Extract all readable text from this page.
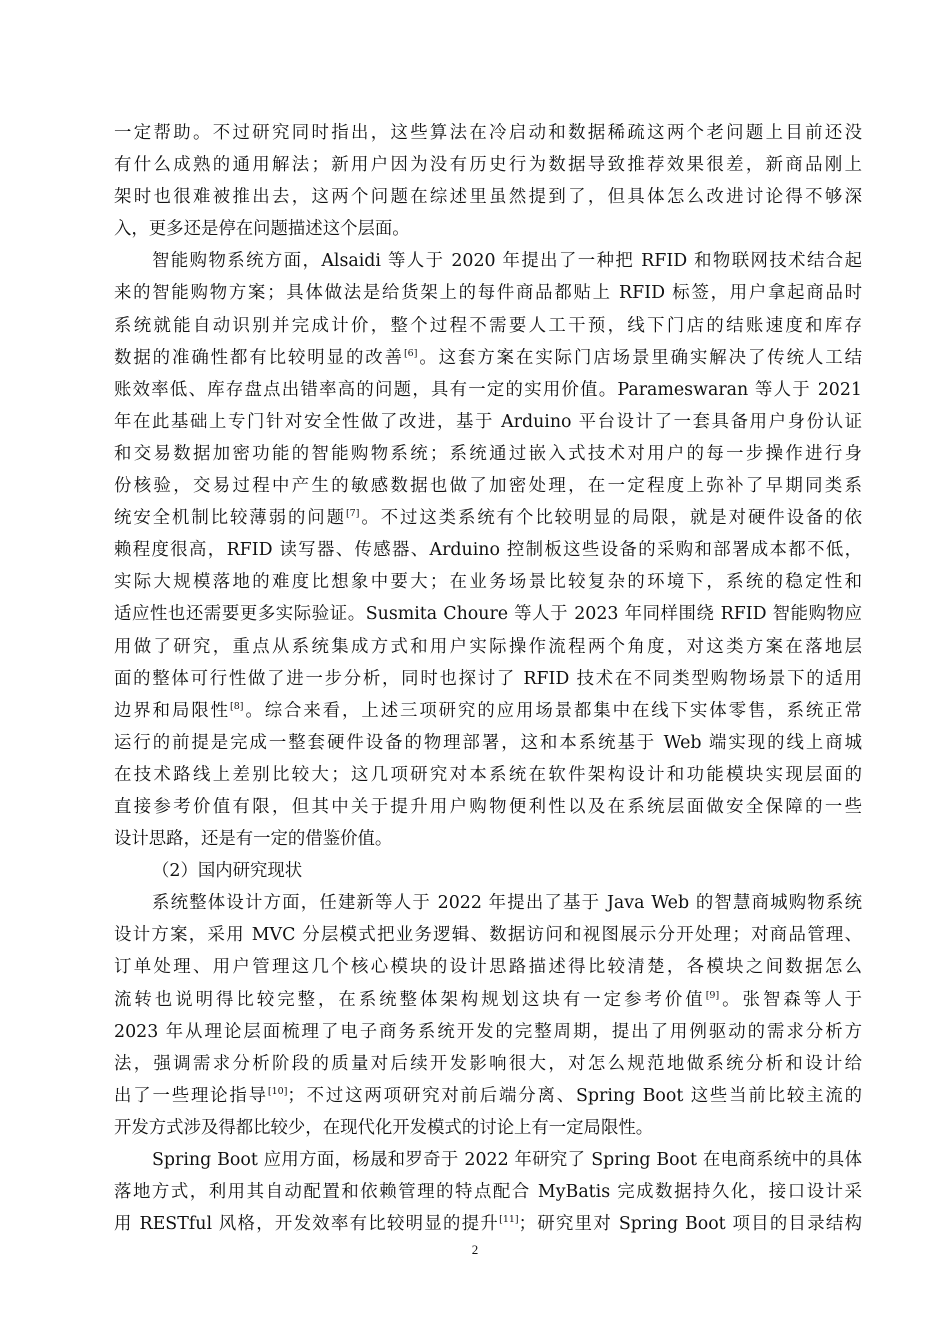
一定帮助。不过研究同时指出，这些算法在冷启动和数据稀疏这两个老问题上目前还没
有什么成熟的通用解法；新用户因为没有历史行为数据导致推荐效果很差，新商品刚上
架时也很难被推出去，这两个问题在综述里虽然提到了，但具体怎么改进讨论得不够深
入，更多还是停在问题描述这个层面。
智能购物系统方面，Alsaidi 等人于 2020 年提出了一种把 RFID 和物联网技术结合起
来的智能购物方案；具体做法是给货架上的每件商品都贴上 RFID 标签，用户拿起商品时
系统就能自动识别并完成计价，整个过程不需要人工干预，线下门店的结账速度和库存
数据的准确性都有比较明显的改善[6]。这套方案在实际门店场景里确实解决了传统人工结
账效率低、库存盘点出错率高的问题，具有一定的实用价值。Parameswaran 等人于 2021
年在此基础上专门针对安全性做了改进，基于 Arduino 平台设计了一套具备用户身份认证
和交易数据加密功能的智能购物系统；系统通过嵌入式技术对用户的每一步操作进行身
份核验，交易过程中产生的敏感数据也做了加密处理，在一定程度上弥补了早期同类系
统安全机制比较薄弱的问题[7]。不过这类系统有个比较明显的局限，就是对硬件设备的依
赖程度很高，RFID 读写器、传感器、Arduino 控制板这些设备的采购和部署成本都不低，
实际大规模落地的难度比想象中要大；在业务场景比较复杂的环境下，系统的稳定性和
适应性也还需要更多实际验证。Susmita Choure 等人于 2023 年同样围绕 RFID 智能购物应
用做了研究，重点从系统集成方式和用户实际操作流程两个角度，对这类方案在落地层
面的整体可行性做了进一步分析，同时也探讨了 RFID 技术在不同类型购物场景下的适用
边界和局限性[8]。综合来看，上述三项研究的应用场景都集中在线下实体零售，系统正常
运行的前提是完成一整套硬件设备的物理部署，这和本系统基于 Web 端实现的线上商城
在技术路线上差别比较大；这几项研究对本系统在软件架构设计和功能模块实现层面的
直接参考价值有限，但其中关于提升用户购物便利性以及在系统层面做安全保障的一些
设计思路，还是有一定的借鉴价值。
（2）国内研究现状
系统整体设计方面，任建新等人于 2022 年提出了基于 Java Web 的智慧商城购物系统
设计方案，采用 MVC 分层模式把业务逻辑、数据访问和视图展示分开处理；对商品管理、
订单处理、用户管理这几个核心模块的设计思路描述得比较清楚，各模块之间数据怎么
流转也说明得比较完整，在系统整体架构规划这块有一定参考价值[9]。张智森等人于
2023 年从理论层面梳理了电子商务系统开发的完整周期，提出了用例驱动的需求分析方
法，强调需求分析阶段的质量对后续开发影响很大，对怎么规范地做系统分析和设计给
出了一些理论指导[10]；不过这两项研究对前后端分离、Spring Boot 这些当前比较主流的
开发方式涉及得都比较少，在现代化开发模式的讨论上有一定局限性。
Spring Boot 应用方面，杨晟和罗奇于 2022 年研究了 Spring Boot 在电商系统中的具体
落地方式，利用其自动配置和依赖管理的特点配合 MyBatis 完成数据持久化，接口设计采
用 RESTful 风格，开发效率有比较明显的提升[11]；研究里对 Spring Boot 项目的目录结构
2
